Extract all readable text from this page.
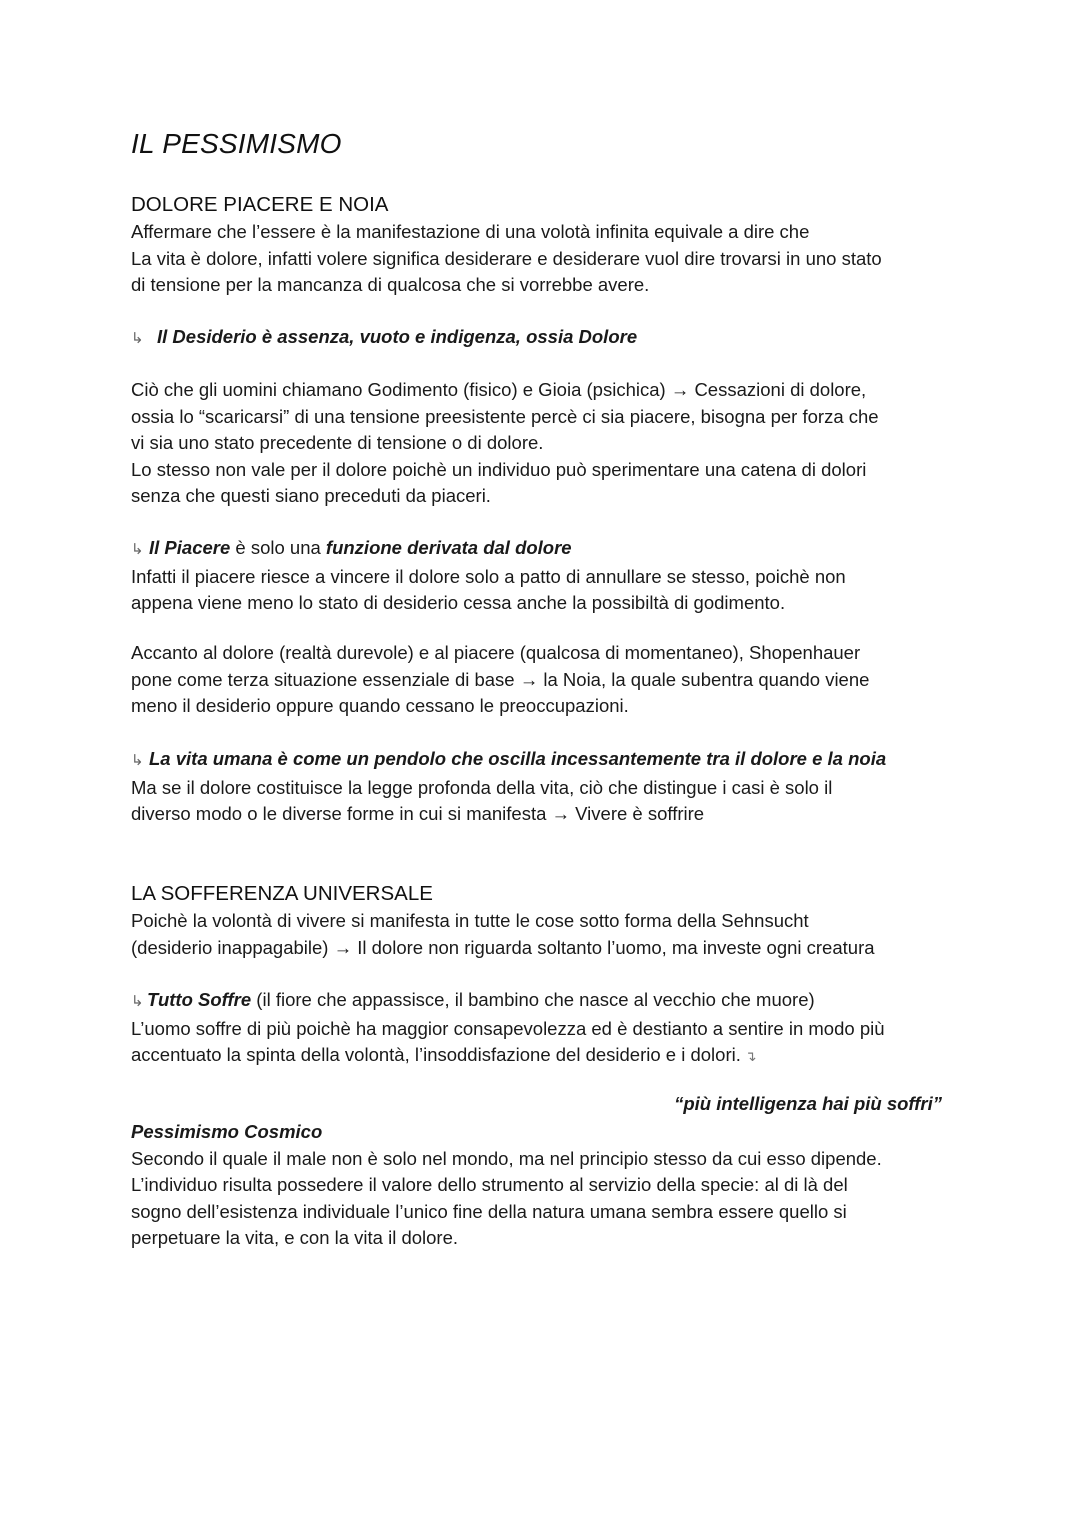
IL PESSIMISMO
DOLORE PIACERE E NOIA
Affermare che l’essere è la manifestazione di una volotà infinita equivale a dire che
La vita è dolore, infatti volere significa desiderare e desiderare vuol dire trovarsi in uno stato
di tensione per la mancanza di qualcosa che si vorrebbe avere.
↳ Il Desiderio è assenza, vuoto e indigenza, ossia Dolore
Ciò che gli uomini chiamano Godimento (fisico) e Gioia (psichica) → Cessazioni di dolore,
ossia lo “scaricarsi” di una tensione preesistente percè ci sia piacere, bisogna per forza che
vi sia uno stato precedente di tensione o di dolore.
Lo stesso non vale per il dolore poichè un individuo può sperimentare una catena di dolori
senza che questi siano preceduti da piaceri.
↳ Il Piacere è solo una funzione derivata dal dolore
Infatti il piacere riesce a vincere il dolore solo a patto di annullare se stesso, poichè non
appena viene meno lo stato di desiderio cessa anche la possibiltà di godimento.
Accanto al dolore (realtà durevole) e al piacere (qualcosa di momentaneo), Shopenhauer
pone come terza situazione essenziale di base → la Noia, la quale subentra quando viene
meno il desiderio oppure quando cessano le preoccupazioni.
↳ La vita umana è come un pendolo che oscilla incessantemente tra il dolore e la noia
Ma se il dolore costituisce la legge profonda della vita, ciò che distingue i casi è solo il
diverso modo o le diverse forme in cui si manifesta → Vivere è soffrire
LA SOFFERENZA UNIVERSALE
Poichè la volontà di vivere si manifesta in tutte le cose sotto forma della Sehnsucht
(desiderio inappagabile) → Il dolore non riguarda soltanto l’uomo, ma investe ogni creatura
↳ Tutto Soffre (il fiore che appassisce, il bambino che nasce al vecchio che muore)
L’uomo soffre di più poichè ha maggior consapevolezza ed è destianto a sentire in modo più
accentuato la spinta della volontà, l’insoddisfazione del desiderio e i dolori. ↴
“più intelligenza hai più soffri”
Pessimismo Cosmico
Secondo il quale il male non è solo nel mondo, ma nel principio stesso da cui esso dipende.
L’individuo risulta possedere il valore dello strumento al servizio della specie: al di là del
sogno dell’esistenza individuale l’unico fine della natura umana sembra essere quello si
perpetuare la vita, e con la vita il dolore.
